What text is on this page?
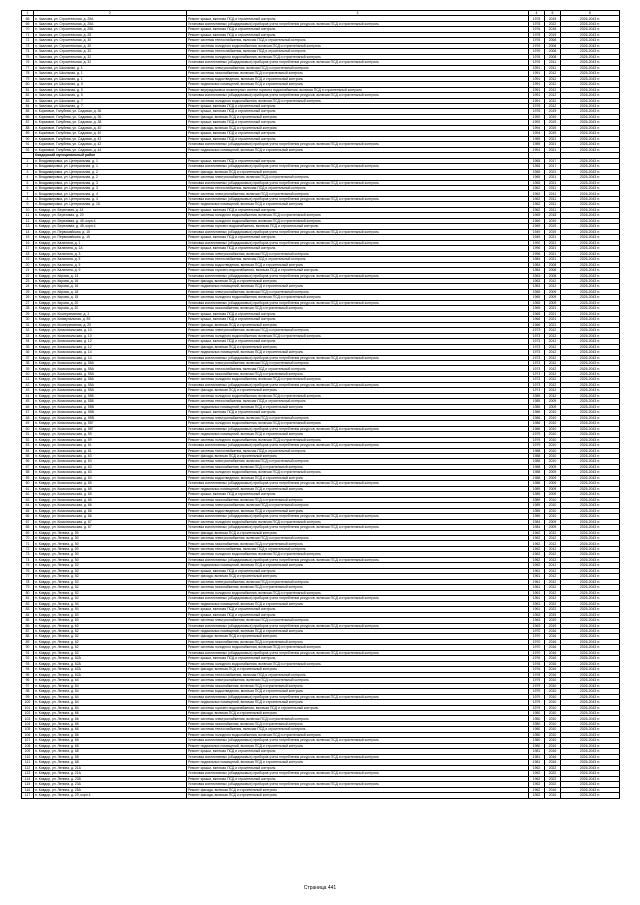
1	2	3	4	5	6
68	п. Чкалова, ул. Строительная, д. 25А	Ремонт крыши, включая ПСД и строительный контроль	1975	2019	2026-2043 гг.
69	п. Чкалова, ул. Строительная, д. 25А	Установка коллективных (общедомовых) приборов учета потребления ресурсов, включая ПСД и строительный контроль	1975	2022	2026-2043 гг.
70	п. Чкалова, ул. Строительная, д. 25Б	Ремонт крыши, включая ПСД и строительный контроль	1976	2018	2026-2043 гг.
71	п. Чкалова, ул. Строительная, д. 28	Ремонт крыши, включая ПСД и строительный контроль	1975	2019	2026-2043 гг.
72	п. Чкалова, ул. Строительная, д. 30	Ремонт системы теплоснабжения, включая ПСД и строительный контроль	1976	2008	2026-2043 гг.
73	п. Чкалова, ул. Строительная, д. 30	Ремонт системы холодного водоснабжения, включая ПСД и строительный контроль	1976	2008	2026-2043 гг.
74	п. Чкалова, ул. Строительная, д. 32	Ремонт системы теплоснабжения, включая ПСД и строительный контроль	1976	2008	2026-2043 гг.
75	п. Чкалова, ул. Строительная, д. 32	Ремонт системы холодного водоснабжения, включая ПСД и строительный контроль	1976	2008	2026-2043 гг.
76	п. Чкалова, ул. Строительная, д. 32	Установка коллективных (общедомовых) приборов учета потребления ресурсов, включая ПСД и строительный контроль	1976	2011	2026-2043 гг.
77	п. Чкалова, ул. Школьная, д. 1	Ремонт системы электроснабжения, включая ПСД и строительный контроль	1991	2011	2026-2043 гг.
78	п. Чкалова, ул. Школьная, д. 1	Ремонт системы газоснабжения, включая ПСД и строительный контроль	1991	2012	2026-2043 гг.
79	п. Чкалова, ул. Школьная, д. 1	Ремонт системы водоотведения, включая ПСД и строительный контроль	1991	2012	2026-2043 гг.
80	п. Чкалова, ул. Школьная, д. 5	Ремонт подвальных помещений, включая ПСД и строительный контроль	1991	2012	2026-2043 гг.
81	п. Чкалова, ул. Школьная, д. 5	Ремонт внутридомовых инженерных систем горячего водоснабжения, включая ПСД и строительный контроль	1991	2012	2026-2043 гг.
82	п. Чкалова, ул. Школьная, д. 5	Установка коллективных (общедомовых) приборов учета потребления ресурсов, включая ПСД и строительный контроль	1991	2012	2026-2043 гг.
83	п. Чкалова, ул. Школьная, д. 7	Ремонт системы холодного водоснабжения, включая ПСД и строительный контроль	1991	2012	2026-2043 гг.
84	п. Чкалова, ул. Школьная, д. 7	Ремонт крыши, включая ПСД и строительный контроль	1976	2012	2026-2043 гг.
85	п. Кормовое, Голубева, ул. Садовая, д. 36	Ремонт крыши, включая ПСД и строительный контроль	1976	2019	2026-2043 гг.
86	п. Кормовое, Голубева, ул. Садовая, д. 36	Ремонт фасада, включая ПСД и строительный контроль	1992	2019	2026-2043 гг.
87	п. Кормовое, Голубева, ул. Садовая, д. 38	Ремонт крыши, включая ПСД и строительный контроль	1992	2019	2026-2043 гг.
88	п. Кормовое, Голубева, ул. Садовая, д. 40	Ремонт фасада, включая ПСД и строительный контроль	1994	2019	2026-2043 гг.
89	п. Кормовое, Голубева, ул. Садовая, д. 40	Ремонт крыши, включая ПСД и строительный контроль	1994	2019	2026-2043 гг.
90	п. Кормовое, Голубева, ул. Садовая, д. 42	Ремонт крыши, включая ПСД и строительный контроль	1989	2021	2026-2043 гг.
91	п. Кормовое, Голубева, ул. Садовая, д. 42	Установка коллективных (общедомовых) приборов учета потребления ресурсов, включая ПСД и строительный контроль	1989	2021	2026-2043 гг.
92	п. Кормовое, Голубева, ул. Садовая, д. 44	Ремонт подвальных помещений, включая ПСД и строительный контроль	1991	2021	2026-2043 гг.
	Ковдорский муниципальный район				
1	п. Владимировка, ул. Центральная, д. 1	Ремонт крыши, включая ПСД и строительный контроль	1965	2017	2026-2043 гг.
2	п. Владимировка, ул. Центральная, д. 1	Установка коллективных (общедомовых) приборов учета потребления ресурсов, включая ПСД и строительный контроль	1965	2017	2026-2043 гг.
3	п. Владимировка, ул. Центральная, д. 2	Ремонт фасада, включая ПСД и строительный контроль	1965	2021	2026-2043 гг.
4	п. Владимировка, ул. Центральная, д. 2	Ремонт системы электроснабжения, включая ПСД и строительный контроль	1965	2021	2026-2043 гг.
5	п. Владимировка, ул. Центральная, д. 3	Установка коллективных (общедомовых) приборов учета потребления ресурсов, включая ПСД и строительный контроль	1965	2021	2026-2043 гг.
6	п. Владимировка, ул. Центральная, д. 3	Ремонт системы теплоснабжения, включая ПСД и строительный контроль	1962	2011	2026-2043 гг.
7	п. Владимировка, ул. Центральная, д. 4	Ремонт системы электроснабжения, включая ПСД и строительный контроль	1962	2011	2026-2043 гг.
8	п. Владимировка, ул. Центральная, д. 4	Установка коллективных (общедомовых) приборов учета потребления ресурсов, включая ПСД и строительный контроль	1962	2011	2026-2043 гг.
9	п. Владимировка, ул. Центральная, д. 15	Ремонт подвальных помещений, включая ПСД и строительный контроль	1962	2011	2026-2043 гг.
10	п. Ковдор, ул. Береговая, д. 14	Ремонт крыши, включая ПСД и строительный контроль	1962	2011	2026-2043 гг.
11	п. Ковдор, ул. Березовая, д. 20	Ремонт системы холодного водоснабжения, включая ПСД и строительный контроль	1969	2018	2026-2043 гг.
12	п. Ковдор, ул. Березовая, д. 45, корп.4	Ремонт системы холодного водоснабжения, включая ПСД и строительный контроль	1969	2019	2026-2043 гг.
13	п. Ковдор, ул. Березовая, д. 45, корп.4	Ремонт системы горячего водоснабжения, включая ПСД и строительный контроль	1969	2019	2026-2043 гг.
14	п. Ковдор, ул. Первомайская, д. 15	Установка коллективных (общедомовых) приборов учета потребления ресурсов, включая ПСД и строительный контроль	1949	2019	2026-2043 гг.
15	п. Ковдор, ул. Первомайская, д. 15	Ремонт крыши, включая ПСД и строительный контроль	1949	2021	2026-2043 гг.
16	п. Ковдор, ул. Калинина, д. 1	Установка коллективных (общедомовых) приборов учета потребления ресурсов, включая ПСД и строительный контроль	1992	2021	2026-2043 гг.
17	п. Ковдор, ул. Калинина, д. 1А	Ремонт крыши, включая ПСД и строительный контроль	1996	2021	2026-2043 гг.
18	п. Ковдор, ул. Калинина, д. 3	Ремонт системы электроснабжения, включая ПСД и строительный контроль	1996	2021	2026-2043 гг.
19	п. Ковдор, ул. Калинина, д. 5	Ремонт системы теплоснабжения, включая ПСД и строительный контроль	1984	2021	2026-2043 гг.
20	п. Ковдор, ул. Калинина, д. 5	Ремонт системы водоотведения, включая ПСД и строительный контроль	1984	2008	2026-2043 гг.
21	п. Ковдор, ул. Калинина, д. 9	Ремонт системы горячего водоснабжения, включая ПСД и строительный контроль	1984	2008	2026-2043 гг.
22	п. Ковдор, ул. Кирова, д. 14	Установка коллективных (общедомовых) приборов учета потребления ресурсов, включая ПСД и строительный контроль	1963	2008	2026-2043 гг.
23	п. Ковдор, ул. Кирова, д. 16	Ремонт фасада, включая ПСД и строительный контроль	1963	2012	2026-2043 гг.
24	п. Ковдор, ул. Кирова, д. 16	Ремонт подвальных помещений, включая ПСД и строительный контроль	1963	2012	2026-2043 гг.
25	п. Ковдор, ул. Кирова, д. 18	Ремонт системы электроснабжения, включая ПСД и строительный контроль	1965	2009	2026-2043 гг.
26	п. Ковдор, ул. Кирова, д. 18	Ремонт системы холодного водоснабжения, включая ПСД и строительный контроль	1965	2009	2026-2043 гг.
27	п. Ковдор, ул. Кирова, д. 20	Установка коллективных (общедомовых) приборов учета потребления ресурсов, включая ПСД и строительный контроль	1965	2009	2026-2043 гг.
28	п. Ковдор, ул. Кирова, д. 20	Ремонт системы газоснабжения, включая ПСД и строительный контроль	1965	2021	2026-2043 гг.
29	п. Ковдор, ул. Кооперативная, д. 1	Ремонт крыши, включая ПСД и строительный контроль	1965	2021	2026-2043 гг.
30	п. Ковдор, ул. Коммунальная, д. 55	Ремонт крыши, включая ПСД и строительный контроль	1966	2021	2026-2043 гг.
31	п. Ковдор, ул. Кооперативная, д. 25	Ремонт фасада, включая ПСД и строительный контроль	1966	2021	2026-2043 гг.
32	п. Ковдор, ул. Комсомольская, д. 10	Ремонт системы электроснабжения, включая ПСД и строительный контроль	1973	2012	2026-2043 гг.
33	п. Ковдор, ул. Комсомольская, д. 10	Ремонт системы холодного водоснабжения, включая ПСД и строительный контроль	1973	2012	2026-2043 гг.
34	п. Ковдор, ул. Комсомольская, д. 12	Ремонт крыши, включая ПСД и строительный контроль	1973	2012	2026-2043 гг.
35	п. Ковдор, ул. Комсомольская, д. 12	Ремонт фасада, включая ПСД и строительный контроль	1973	2012	2026-2043 гг.
36	п. Ковдор, ул. Комсомольская, д. 14	Ремонт подвальных помещений, включая ПСД и строительный контроль	1973	2012	2026-2043 гг.
37	п. Ковдор, ул. Комсомольская, д. 14	Установка коллективных (общедомовых) приборов учета потребления ресурсов, включая ПСД и строительный контроль	1973	2012	2026-2043 гг.
38	п. Ковдор, ул. Комсомольская, д. 55А	Ремонт системы электроснабжения, включая ПСД и строительный контроль	1973	2012	2026-2043 гг.
39	п. Ковдор, ул. Комсомольская, д. 55А	Ремонт системы теплоснабжения, включая ПСД и строительный контроль	1973	2012	2026-2043 гг.
40	п. Ковдор, ул. Комсомольская, д. 55А	Ремонт системы газоснабжения, включая ПСД и строительный контроль	1973	2012	2026-2043 гг.
41	п. Ковдор, ул. Комсомольская, д. 55А	Ремонт системы холодного водоснабжения, включая ПСД и строительный контроль	1973	2012	2026-2043 гг.
42	п. Ковдор, ул. Комсомольская, д. 55А	Установка коллективных (общедомовых) приборов учета потребления ресурсов, включая ПСД и строительный контроль	1973	2012	2026-2043 гг.
43	п. Ковдор, ул. Комсомольская, д. 55А	Ремонт фасада, включая ПСД и строительный контроль	1973	2012	2026-2043 гг.
44	п. Ковдор, ул. Комсомольская, д. 55Б	Ремонт системы холодного водоснабжения, включая ПСД и строительный контроль	1985	2012	2026-2043 гг.
45	п. Ковдор, ул. Комсомольская, д. 55Б	Ремонт системы теплоснабжения, включая ПСД и строительный контроль	1985	2009	2026-2043 гг.
46	п. Ковдор, ул. Комсомольская, д. 55В	Ремонт подвальных помещений, включая ПСД и строительный контроль	1985	2009	2026-2043 гг.
47	п. Ковдор, ул. Комсомольская, д. 55В	Ремонт крыши, включая ПСД и строительный контроль	1986	2010	2026-2043 гг.
48	п. Ковдор, ул. Комсомольская, д. 55В	Ремонт системы электроснабжения, включая ПСД и строительный контроль	1986	2010	2026-2043 гг.
49	п. Ковдор, ул. Комсомольская, д. 55Г	Ремонт системы холодного водоснабжения, включая ПСД и строительный контроль	1986	2010	2026-2043 гг.
50	п. Ковдор, ул. Комсомольская, д. 55Г	Установка коллективных (общедомовых) приборов учета потребления ресурсов, включая ПСД и строительный контроль	1986	2010	2026-2043 гг.
51	п. Ковдор, ул. Комсомольская, д. 59	Ремонт подвальных помещений, включая ПСД и строительный контроль	1979	2010	2026-2043 гг.
52	п. Ковдор, ул. Комсомольская, д. 59	Ремонт системы холодного водоснабжения, включая ПСД и строительный контроль	1979	2010	2026-2043 гг.
53	п. Ковдор, ул. Комсомольская, д. 61	Установка коллективных (общедомовых) приборов учета потребления ресурсов, включая ПСД и строительный контроль	1979	2010	2026-2043 гг.
54	п. Ковдор, ул. Комсомольская, д. 61	Ремонт системы теплоснабжения, включая ПСД и строительный контроль	1988	2010	2026-2043 гг.
55	п. Ковдор, ул. Комсомольская, д. 63	Ремонт фасада, включая ПСД и строительный контроль	1988	2010	2026-2043 гг.
56	п. Ковдор, ул. Комсомольская, д. 63	Ремонт системы электроснабжения, включая ПСД и строительный контроль	1988	2010	2026-2043 гг.
57	п. Ковдор, ул. Комсомольская, д. 63	Ремонт системы газоснабжения, включая ПСД и строительный контроль	1988	2009	2026-2043 гг.
58	п. Ковдор, ул. Комсомольская, д. 63	Ремонт системы холодного водоснабжения, включая ПСД и строительный контроль	1988	2009	2026-2043 гг.
59	п. Ковдор, ул. Комсомольская, д. 63	Ремонт системы водоотведения, включая ПСД и строительный контроль	1988	2009	2026-2043 гг.
60	п. Ковдор, ул. Комсомольская, д. 65	Установка коллективных (общедомовых) приборов учета потребления ресурсов, включая ПСД и строительный контроль	1988	2009	2026-2043 гг.
61	п. Ковдор, ул. Комсомольская, д. 65	Ремонт подвальных помещений, включая ПСД и строительный контроль	1989	2009	2026-2043 гг.
62	п. Ковдор, ул. Комсомольская, д. 65	Ремонт крыши, включая ПСД и строительный контроль	1989	2009	2026-2043 гг.
63	п. Ковдор, ул. Комсомольская, д. 66	Ремонт системы газоснабжения, включая ПСД и строительный контроль	1989	2010	2026-2043 гг.
64	п. Ковдор, ул. Комсомольская, д. 66	Ремонт системы электроснабжения, включая ПСД и строительный контроль	1989	2010	2026-2043 гг.
65	п. Ковдор, ул. Комсомольская, д. 66	Ремонт системы водоотведения, включая ПСД и строительный контроль	1989	2010	2026-2043 гг.
66	п. Ковдор, ул. Комсомольская, д. 66	Установка коллективных (общедомовых) приборов учета потребления ресурсов, включая ПСД и строительный контроль	1989	2010	2026-2043 гг.
67	п. Ковдор, ул. Комсомольская, д. 67	Ремонт системы холодного водоснабжения, включая ПСД и строительный контроль	1984	2009	2026-2043 гг.
68	п. Ковдор, ул. Комсомольская, д. 67	Установка коллективных (общедомовых) приборов учета потребления ресурсов, включая ПСД и строительный контроль	1984	2009	2026-2043 гг.
69	п. Ковдор, ул. Ленина, д. 50	Ремонт фасада, включая ПСД и строительный контроль	1962	2012	2026-2043 гг.
70	п. Ковдор, ул. Ленина, д. 50	Ремонт системы электроснабжения, включая ПСД и строительный контроль	1962	2012	2026-2043 гг.
71	п. Ковдор, ул. Ленина, д. 50	Ремонт системы газоснабжения, включая ПСД и строительный контроль	1962	2012	2026-2043 гг.
72	п. Ковдор, ул. Ленина, д. 50	Ремонт системы теплоснабжения, включая ПСД и строительный контроль	1962	2012	2026-2043 гг.
73	п. Ковдор, ул. Ленина, д. 50	Ремонт системы холодного водоснабжения, включая ПСД и строительный контроль	1962	2012	2026-2043 гг.
74	п. Ковдор, ул. Ленина, д. 50	Установка коллективных (общедомовых) приборов учета потребления ресурсов, включая ПСД и строительный контроль	1962	2012	2026-2043 гг.
75	п. Ковдор, ул. Ленина, д. 52	Ремонт подвальных помещений, включая ПСД и строительный контроль	1962	2012	2026-2043 гг.
76	п. Ковдор, ул. Ленина, д. 52	Ремонт крыши, включая ПСД и строительный контроль	1961	2012	2026-2043 гг.
77	п. Ковдор, ул. Ленина, д. 52	Ремонт фасада, включая ПСД и строительный контроль	1961	2012	2026-2043 гг.
78	п. Ковдор, ул. Ленина, д. 52	Ремонт системы электроснабжения, включая ПСД и строительный контроль	1961	2012	2026-2043 гг.
79	п. Ковдор, ул. Ленина, д. 52	Ремонт системы газоснабжения, включая ПСД и строительный контроль	1961	2012	2026-2043 гг.
80	п. Ковдор, ул. Ленина, д. 52	Ремонт системы холодного водоснабжения, включая ПСД и строительный контроль	1961	2012	2026-2043 гг.
81	п. Ковдор, ул. Ленина, д. 52	Установка коллективных (общедомовых) приборов учета потребления ресурсов, включая ПСД и строительный контроль	1961	2012	2026-2043 гг.
82	п. Ковдор, ул. Ленина, д. 54	Ремонт подвальных помещений, включая ПСД и строительный контроль	1961	2022	2026-2043 гг.
83	п. Ковдор, ул. Ленина, д. 54	Ремонт крыши, включая ПСД и строительный контроль	1961	2022	2026-2043 гг.
84	п. Ковдор, ул. Ленина, д. 60	Ремонт крыши, включая ПСД и строительный контроль	1963	2019	2026-2043 гг.
85	п. Ковдор, ул. Ленина, д. 60	Ремонт системы электроснабжения, включая ПСД и строительный контроль	1963	2019	2026-2043 гг.
86	п. Ковдор, ул. Ленина, д. 60	Установка коллективных (общедомовых) приборов учета потребления ресурсов, включая ПСД и строительный контроль	1963	2019	2026-2043 гг.
87	п. Ковдор, ул. Ленина, д. 62	Ремонт подвальных помещений, включая ПСД и строительный контроль	1970	2016	2026-2043 гг.
88	п. Ковдор, ул. Ленина, д. 62	Ремонт фасада, включая ПСД и строительный контроль	1970	2016	2026-2043 гг.
89	п. Ковдор, ул. Ленина, д. 62	Ремонт системы газоснабжения, включая ПСД и строительный контроль	1970	2016	2026-2043 гг.
90	п. Ковдор, ул. Ленина, д. 62	Ремонт системы холодного водоснабжения, включая ПСД и строительный контроль	1970	2016	2026-2043 гг.
91	п. Ковдор, ул. Ленина, д. 62	Установка коллективных (общедомовых) приборов учета потребления ресурсов, включая ПСД и строительный контроль	1970	2016	2026-2043 гг.
92	п. Ковдор, ул. Ленина, д. 62А	Ремонт крыши, включая ПСД и строительный контроль	1976	2016	2026-2043 гг.
93	п. Ковдор, ул. Ленина, д. 62А	Ремонт системы холодного водоснабжения, включая ПСД и строительный контроль	1976	2016	2026-2043 гг.
94	п. Ковдор, ул. Ленина, д. 62А	Ремонт фасада, включая ПСД и строительный контроль	1976	2016	2026-2043 гг.
95	п. Ковдор, ул. Ленина, д. 62А	Ремонт системы теплоснабжения, включая ПСД и строительный контроль	1976	2016	2026-2043 гг.
96	п. Ковдор, ул. Ленина, д. 64	Ремонт системы электроснабжения, включая ПСД и строительный контроль	1979	2010	2026-2043 гг.
97	п. Ковдор, ул. Ленина, д. 64	Ремонт системы газоснабжения, включая ПСД и строительный контроль	1979	2010	2026-2043 гг.
98	п. Ковдор, ул. Ленина, д. 64	Ремонт системы водоотведения, включая ПСД и строительный контроль	1979	2010	2026-2043 гг.
99	п. Ковдор, ул. Ленина, д. 64	Установка коллективных (общедомовых) приборов учета потребления ресурсов, включая ПСД и строительный контроль	1979	2010	2026-2043 гг.
100	п. Ковдор, ул. Ленина, д. 64	Ремонт подвальных помещений, включая ПСД и строительный контроль	1979	2010	2026-2043 гг.
101	п. Ковдор, ул. Ленина, д. 64	Ремонт системы горячего водоснабжения, включая ПСД и строительный контроль	1979	2010	2026-2043 гг.
102	п. Ковдор, ул. Ленина, д. 66	Ремонт фасада, включая ПСД и строительный контроль	1980	2010	2026-2043 гг.
103	п. Ковдор, ул. Ленина, д. 66	Ремонт системы электроснабжения, включая ПСД и строительный контроль	1980	2010	2026-2043 гг.
104	п. Ковдор, ул. Ленина, д. 66	Ремонт системы газоснабжения, включая ПСД и строительный контроль	1980	2010	2026-2043 гг.
105	п. Ковдор, ул. Ленина, д. 66	Ремонт системы теплоснабжения, включая ПСД и строительный контроль	1980	2010	2026-2043 гг.
106	п. Ковдор, ул. Ленина, д. 66	Ремонт системы холодного водоснабжения, включая ПСД и строительный контроль	1980	2010	2026-2043 гг.
107	п. Ковдор, ул. Ленина, д. 66	Установка коллективных (общедомовых) приборов учета потребления ресурсов, включая ПСД и строительный контроль	1980	2010	2026-2043 гг.
108	п. Ковдор, ул. Ленина, д. 66	Ремонт подвальных помещений, включая ПСД и строительный контроль	1980	2010	2026-2043 гг.
109	п. Ковдор, ул. Ленина, д. 68	Ремонт крыши, включая ПСД и строительный контроль	1981	2016	2026-2043 гг.
110	п. Ковдор, ул. Ленина, д. 68	Установка коллективных (общедомовых) приборов учета потребления ресурсов, включая ПСД и строительный контроль	1981	2016	2026-2043 гг.
111	п. Ковдор, ул. Ленина, д. 68	Ремонт подвальных помещений, включая ПСД и строительный контроль	1981	2016	2026-2043 гг.
112	п. Ковдор, ул. Ленина, д. 21А	Ремонт крыши, включая ПСД и строительный контроль	1962	2022	2026-2043 гг.
113	п. Ковдор, ул. Ленина, д. 21А	Установка коллективных (общедомовых) приборов учета потребления ресурсов, включая ПСД и строительный контроль	1962	2022	2026-2043 гг.
114	п. Ковдор, ул. Ленина, д. 23А	Ремонт крыши, включая ПСД и строительный контроль	1962	2022	2026-2043 гг.
115	п. Ковдор, ул. Ленина, д. 23А	Установка коллективных (общедомовых) приборов учета потребления ресурсов, включая ПСД и строительный контроль	1962	2022	2026-2043 гг.
116	п. Ковдор, ул. Ленина, д. 25А	Ремонт фасада, включая ПСД и строительный контроль	1962	2016	2026-2043 гг.
117	п. Ковдор, ул. Ленина, д. 29, корп.4	Ремонт фасада, включая ПСД и строительный контроль	1962	2016	2026-2043 гг.
Страница 441
